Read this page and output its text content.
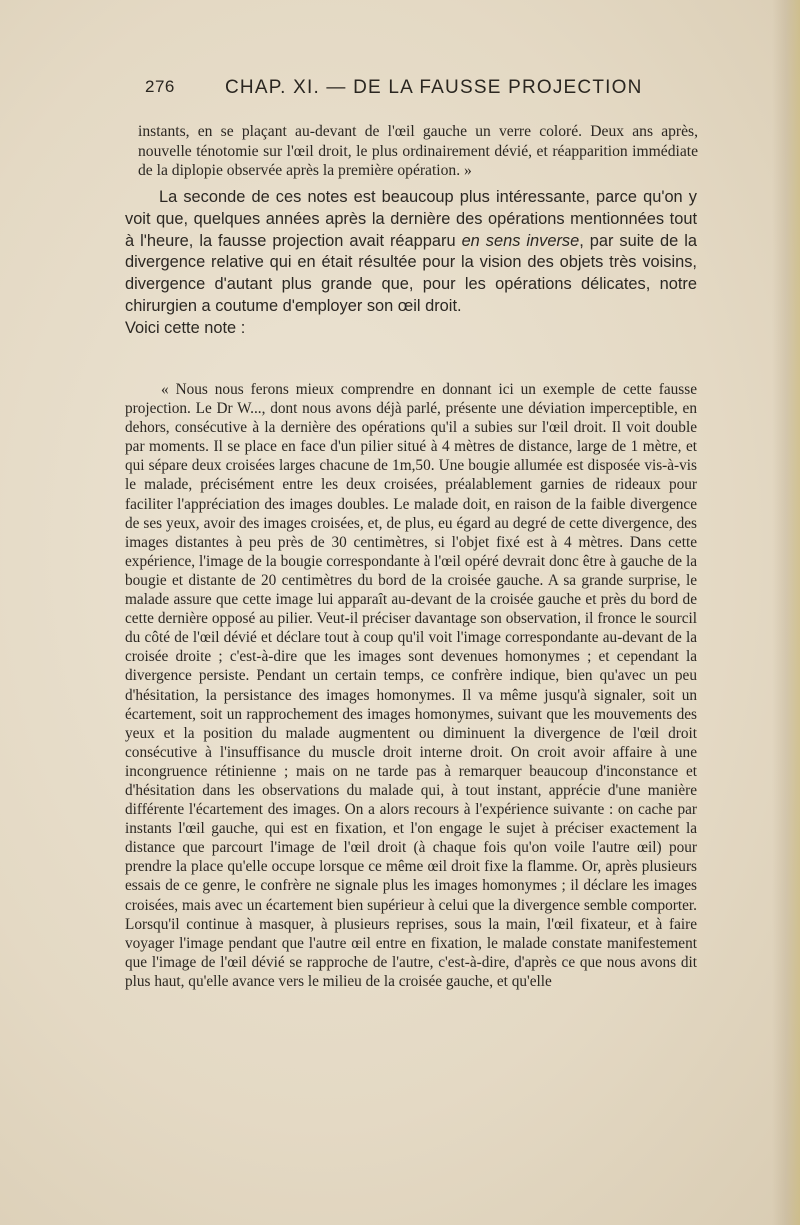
276	CHAP. XI. — DE LA FAUSSE PROJECTION
instants, en se plaçant au-devant de l'œil gauche un verre coloré. Deux ans après, nouvelle ténotomie sur l'œil droit, le plus ordinairement dévié, et réapparition immédiate de la diplopie observée après la première opération. »
La seconde de ces notes est beaucoup plus intéressante, parce qu'on y voit que, quelques années après la dernière des opérations mentionnées tout à l'heure, la fausse projection avait réapparu en sens inverse, par suite de la divergence relative qui en était résultée pour la vision des objets très voisins, divergence d'autant plus grande que, pour les opérations délicates, notre chirurgien a coutume d'employer son œil droit.
Voici cette note :
« Nous nous ferons mieux comprendre en donnant ici un exemple de cette fausse projection. Le Dr W..., dont nous avons déjà parlé, présente une déviation imperceptible, en dehors, consécutive à la dernière des opérations qu'il a subies sur l'œil droit. Il voit double par moments. Il se place en face d'un pilier situé à 4 mètres de distance, large de 1 mètre, et qui sépare deux croisées larges chacune de 1m,50. Une bougie allumée est disposée vis-à-vis le malade, précisément entre les deux croisées, préalablement garnies de rideaux pour faciliter l'appréciation des images doubles. Le malade doit, en raison de la faible divergence de ses yeux, avoir des images croisées, et, de plus, eu égard au degré de cette divergence, des images distantes à peu près de 30 centimètres, si l'objet fixé est à 4 mètres. Dans cette expérience, l'image de la bougie correspondante à l'œil opéré devrait donc être à gauche de la bougie et distante de 20 centimètres du bord de la croisée gauche. A sa grande surprise, le malade assure que cette image lui apparaît au-devant de la croisée gauche et près du bord de cette dernière opposé au pilier. Veut-il préciser davantage son observation, il fronce le sourcil du côté de l'œil dévié et déclare tout à coup qu'il voit l'image correspondante au-devant de la croisée droite ; c'est-à-dire que les images sont devenues homonymes ; et cependant la divergence persiste. Pendant un certain temps, ce confrère indique, bien qu'avec un peu d'hésitation, la persistance des images homonymes. Il va même jusqu'à signaler, soit un écartement, soit un rapprochement des images homonymes, suivant que les mouvements des yeux et la position du malade augmentent ou diminuent la divergence de l'œil droit consécutive à l'insuffisance du muscle droit interne droit. On croit avoir affaire à une incongruence rétinienne ; mais on ne tarde pas à remarquer beaucoup d'inconstance et d'hésitation dans les observations du malade qui, à tout instant, apprécie d'une manière différente l'écartement des images. On a alors recours à l'expérience suivante : on cache par instants l'œil gauche, qui est en fixation, et l'on engage le sujet à préciser exactement la distance que parcourt l'image de l'œil droit (à chaque fois qu'on voile l'autre œil) pour prendre la place qu'elle occupe lorsque ce même œil droit fixe la flamme. Or, après plusieurs essais de ce genre, le confrère ne signale plus les images homonymes ; il déclare les images croisées, mais avec un écartement bien supérieur à celui que la divergence semble comporter. Lorsqu'il continue à masquer, à plusieurs reprises, sous la main, l'œil fixateur, et à faire voyager l'image pendant que l'autre œil entre en fixation, le malade constate manifestement que l'image de l'œil dévié se rapproche de l'autre, c'est-à-dire, d'après ce que nous avons dit plus haut, qu'elle avance vers le milieu de la croisée gauche, et qu'elle
